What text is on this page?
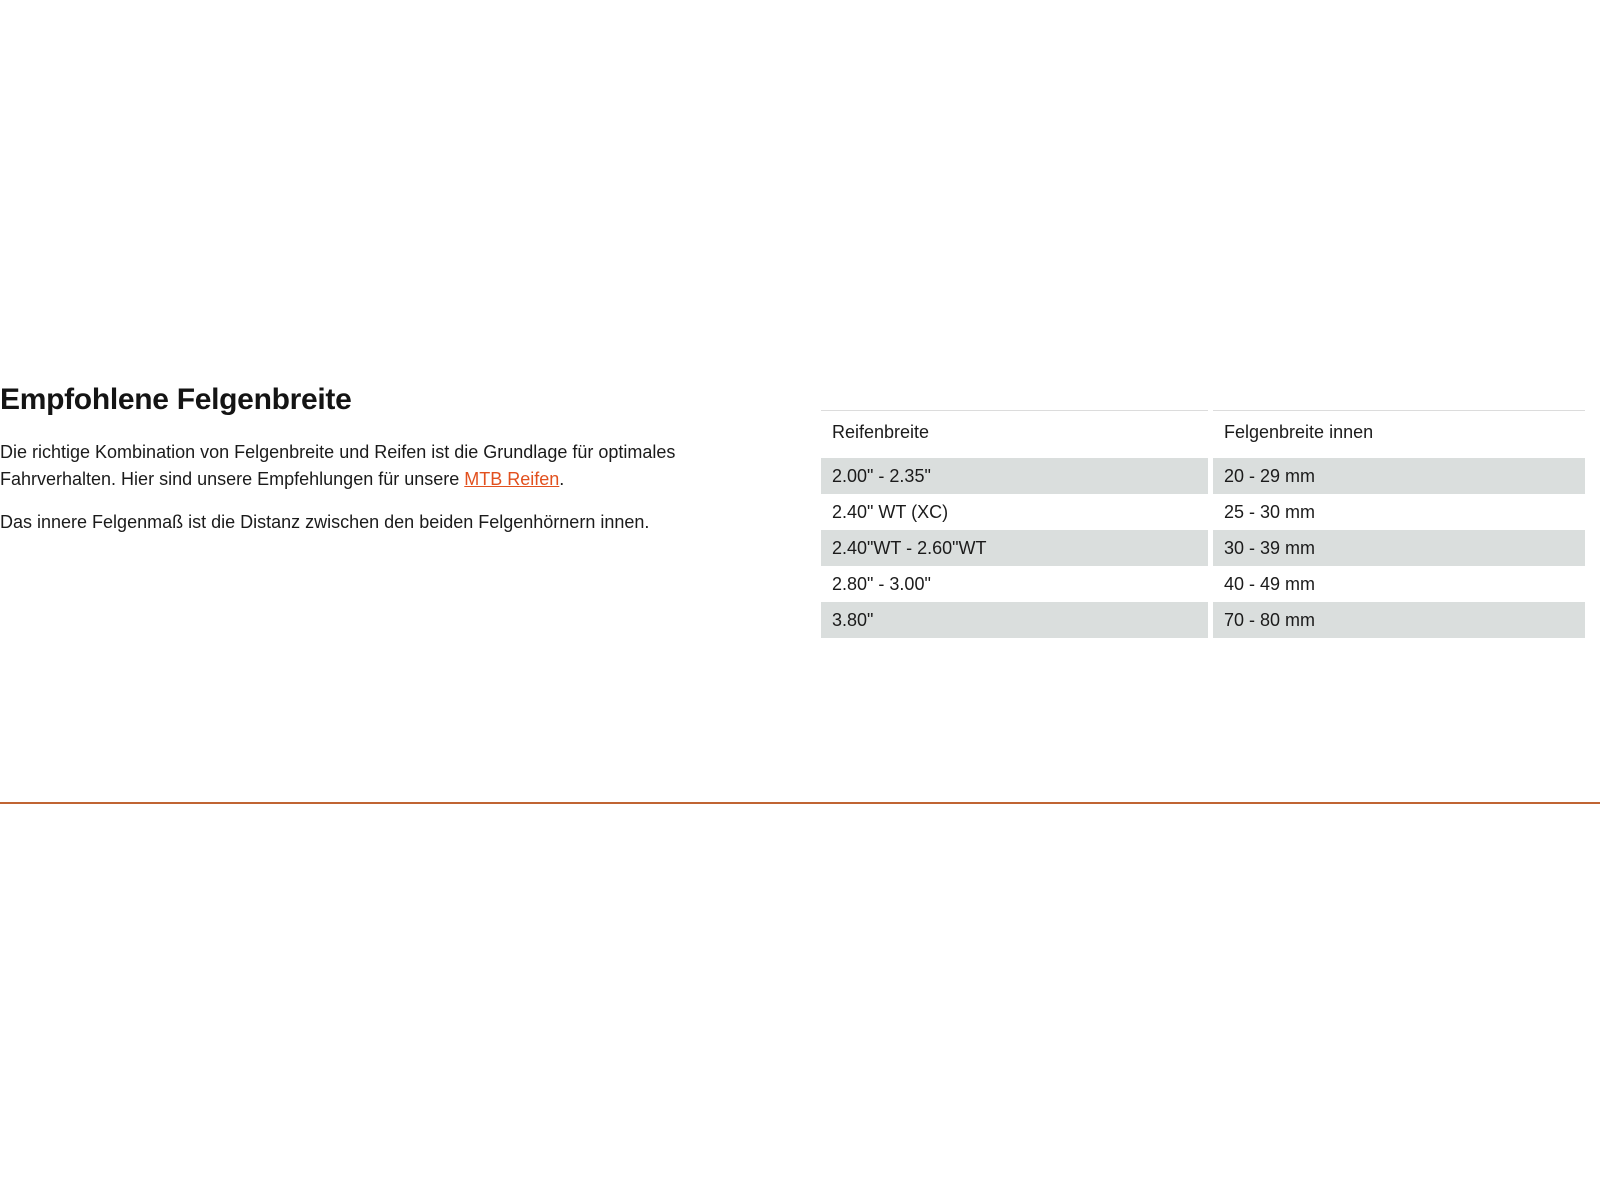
Empfohlene Felgenbreite

Die richtige Kombination von Felgenbreite und Reifen ist die Grundlage für optimales Fahrverhalten. Hier sind unsere Empfehlungen für unsere MTB Reifen.

Das innere Felgenmaß ist die Distanz zwischen den beiden Felgenhörnern innen.

Reifenbreite	Felgenbreite innen
2.00" - 2.35"	20 - 29 mm
2.40" WT (XC)	25 - 30 mm
2.40"WT - 2.60"WT	30 - 39 mm
2.80" - 3.00"	40 - 49 mm
3.80"	70 - 80 mm
